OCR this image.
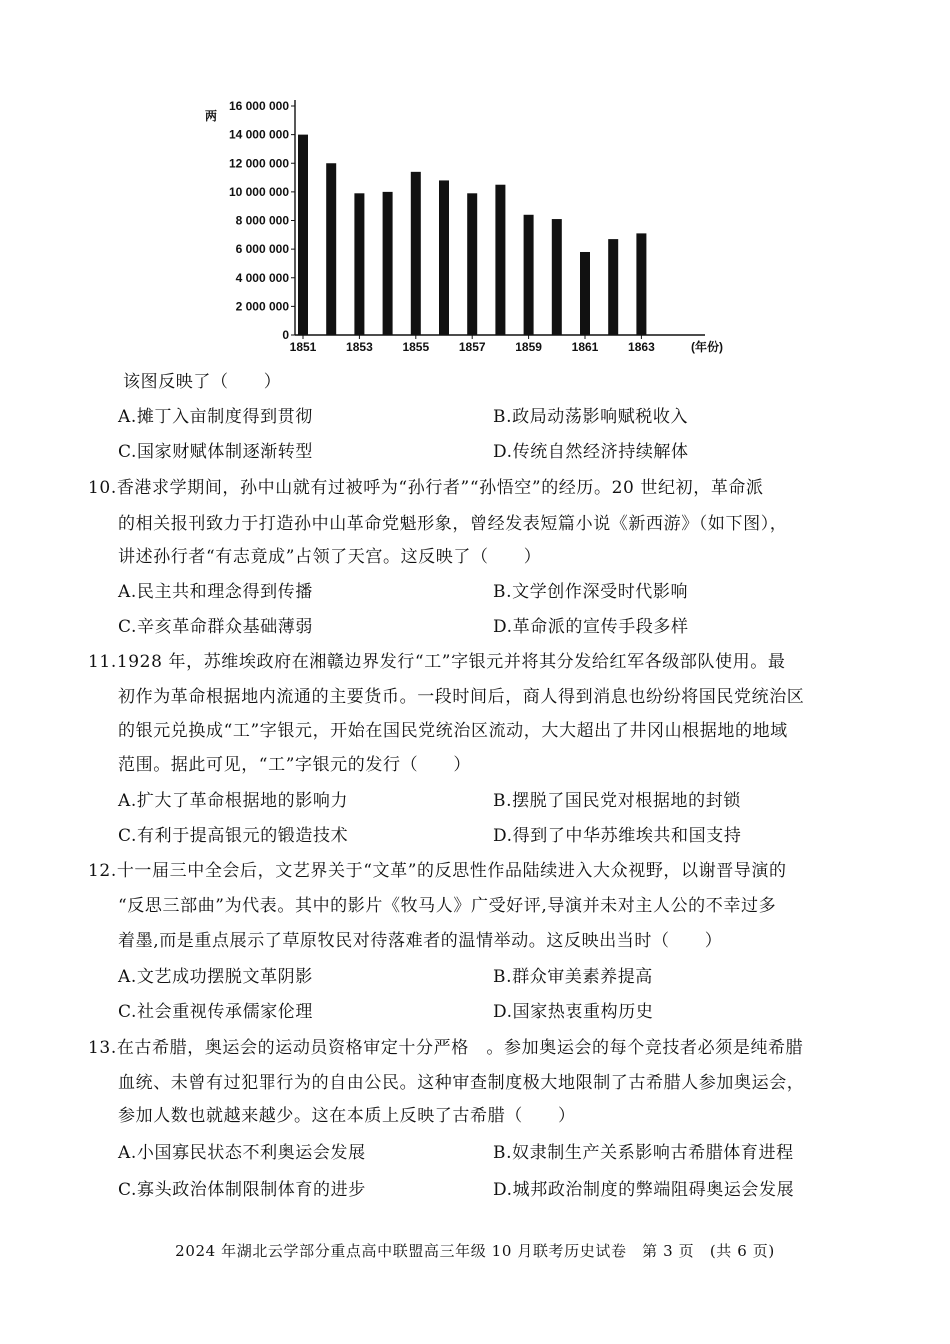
16 000 000
14 000 000
12 000 000
10 000 000
8 000 000
6 000 000
4 000 000
2 000 000
0
两
1851 1853 1855 1857 1859 1861 1863	(年份)
该图反映了（　　）
A.摊丁入亩制度得到贯彻	B.政局动荡影响赋税收入
C.国家财赋体制逐渐转型	D.传统自然经济持续解体
10.香港求学期间，孙中山就有过被呼为“孙行者”“孙悟空”的经历。20 世纪初，革命派
的相关报刊致力于打造孙中山革命党魁形象，曾经发表短篇小说《新西游》（如下图），
讲述孙行者“有志竟成”占领了天宫。这反映了（　　）
A.民主共和理念得到传播	B.文学创作深受时代影响
C.辛亥革命群众基础薄弱	D.革命派的宣传手段多样
11.1928 年，苏维埃政府在湘赣边界发行“工”字银元并将其分发给红军各级部队使用。最
初作为革命根据地内流通的主要货币。一段时间后，商人得到消息也纷纷将国民党统治区
的银元兑换成“工”字银元，开始在国民党统治区流动，大大超出了井冈山根据地的地域
范围。据此可见，“工”字银元的发行（　　）
A.扩大了革命根据地的影响力	B.摆脱了国民党对根据地的封锁
C.有利于提高银元的锻造技术	D.得到了中华苏维埃共和国支持
12.十一届三中全会后，文艺界关于“文革”的反思性作品陆续进入大众视野，以谢晋导演的
“反思三部曲”为代表。其中的影片《牧马人》广受好评,导演并未对主人公的不幸过多
着墨,而是重点展示了草原牧民对待落难者的温情举动。这反映出当时（　　）
A.文艺成功摆脱文革阴影	B.群众审美素养提高
C.社会重视传承儒家伦理	D.国家热衷重构历史
13.在古希腊，奥运会的运动员资格审定十分严格　。参加奥运会的每个竞技者必须是纯希腊
血统、未曾有过犯罪行为的自由公民。这种审查制度极大地限制了古希腊人参加奥运会，
参加人数也就越来越少。这在本质上反映了古希腊（　　）
A.小国寡民状态不利奥运会发展	B.奴隶制生产关系影响古希腊体育进程
C.寡头政治体制限制体育的进步	D.城邦政治制度的弊端阻碍奥运会发展
2024 年湖北云学部分重点高中联盟高三年级 10 月联考历史试卷　第 3 页　(共 6 页)
